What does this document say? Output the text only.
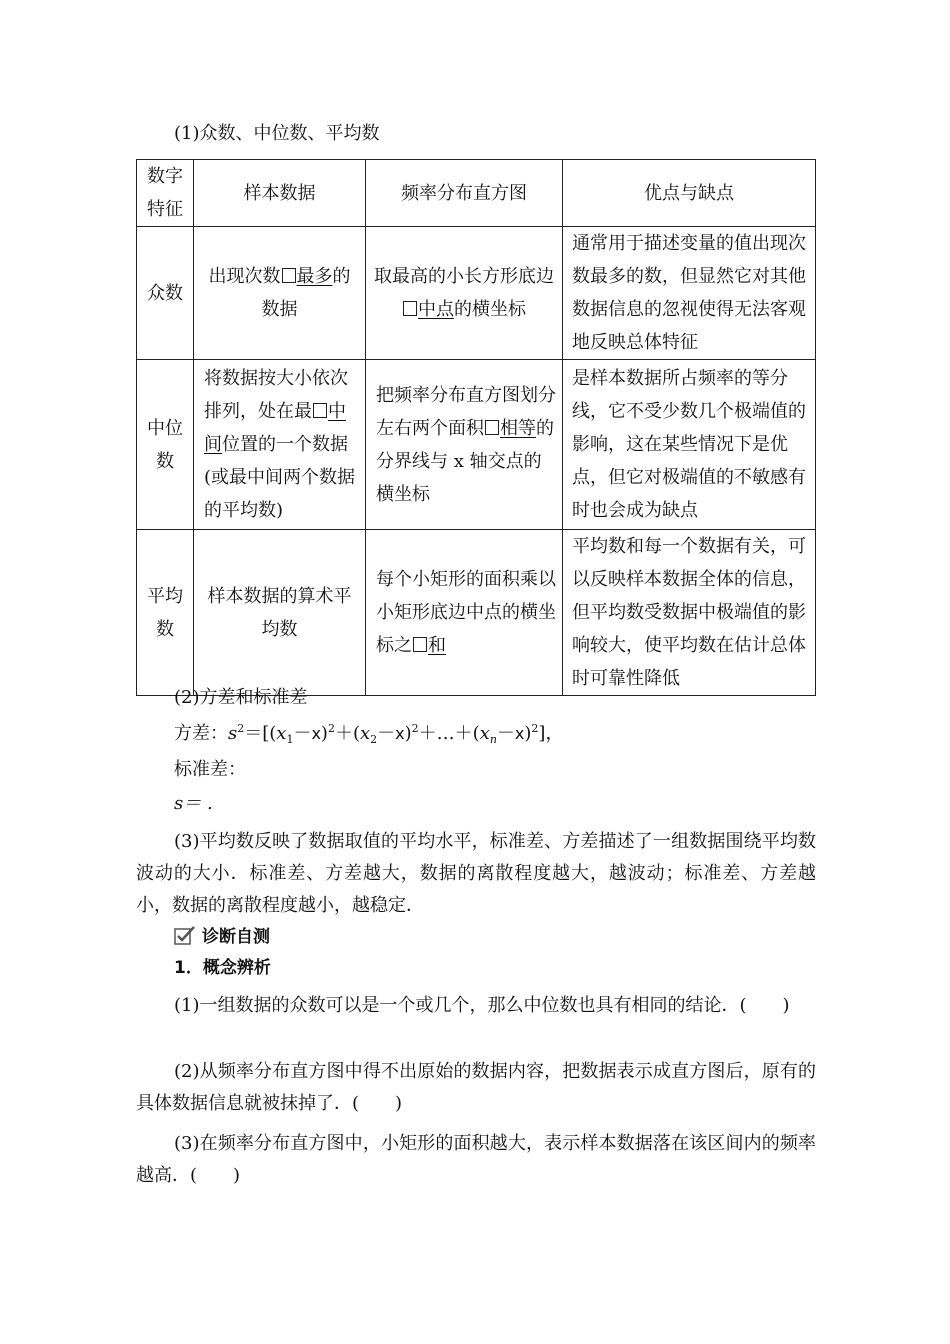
(1)众数、中位数、平均数
数字特征	样本数据	频率分布直方图	优点与缺点
众数	出现次数 最多的数据	取最高的小长方形底边中点的横坐标	通常用于描述变量的值出现次数最多的数，但显然它对其他数据信息的忽视使得无法客观地反映总体特征
中位数	将数据按大小依次排列，处在最 中间位置的一个数据(或最中间两个数据的平均数)	把频率分布直方图划分左右两个面积 相等的分界线与 x 轴交点的横坐标	是样本数据所占频率的等分线，它不受少数几个极端值的影响，这在某些情况下是优点，但它对极端值的不敏感有时也会成为缺点
平均数	样本数据的算术平均数	每个小矩形的面积乘以小矩形底边中点的横坐标之 和	平均数和每一个数据有关，可以反映样本数据全体的信息，但平均数受数据中极端值的影响较大，使平均数在估计总体时可靠性降低
(2)方差和标准差
方差：$s^2=[(x_1-x)^2+(x_2-x)^2+\dots+(x_n-x)^2]$，
标准差：
s＝ .
(3)平均数反映了数据取值的平均水平，标准差、方差描述了一组数据围绕平均数波动的大小．标准差、方差越大，数据的离散程度越大，越波动；标准差、方差越小，数据的离散程度越小，越稳定．
诊断自测
1．概念辨析
(1)一组数据的众数可以是一个或几个，那么中位数也具有相同的结论．(　　)
(2)从频率分布直方图中得不出原始的数据内容，把数据表示成直方图后，原有的具体数据信息就被抹掉了．(　　)
(3)在频率分布直方图中，小矩形的面积越大，表示样本数据落在该区间内的频率越高．(　　)
